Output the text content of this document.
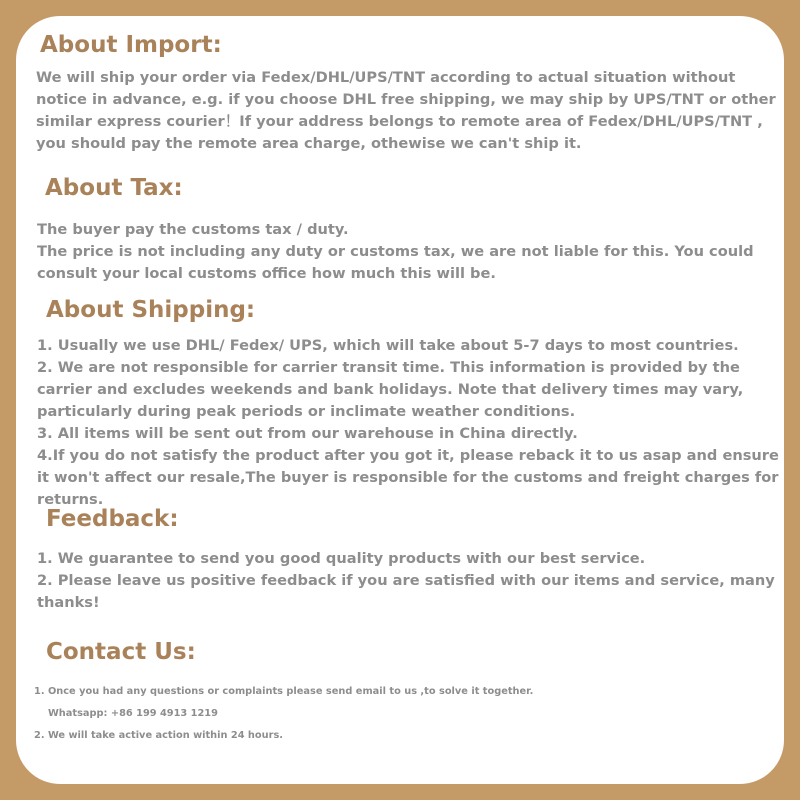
About Import:
We will ship your order via Fedex/DHL/UPS/TNT according to actual situation without
notice in advance, e.g. if you choose DHL free shipping, we may ship by UPS/TNT or other
similar express courier！If your address belongs to remote area of Fedex/DHL/UPS/TNT ,
you should pay the remote area charge, othewise we can't ship it.
About Tax:
The buyer pay the customs tax / duty.
The price is not including any duty or customs tax, we are not liable for this. You could
consult your local customs office how much this will be.
About Shipping:
1. Usually we use DHL/ Fedex/ UPS, which will take about 5-7 days to most countries.
2. We are not responsible for carrier transit time. This information is provided by the
carrier and excludes weekends and bank holidays. Note that delivery times may vary,
particularly during peak periods or inclimate weather conditions.
3. All items will be sent out from our warehouse in China directly.
4.If you do not satisfy the product after you got it, please reback it to us asap and ensure
it won't affect our resale,The buyer is responsible for the customs and freight charges for
returns.
Feedback:
1. We guarantee to send you good quality products with our best service.
2. Please leave us positive feedback if you are satisfied with our items and service, many
thanks!
Contact Us:
1. Once you had any questions or complaints please send email to us ,to solve it together.
Whatsapp: +86 199 4913 1219
2. We will take active action within 24 hours.
